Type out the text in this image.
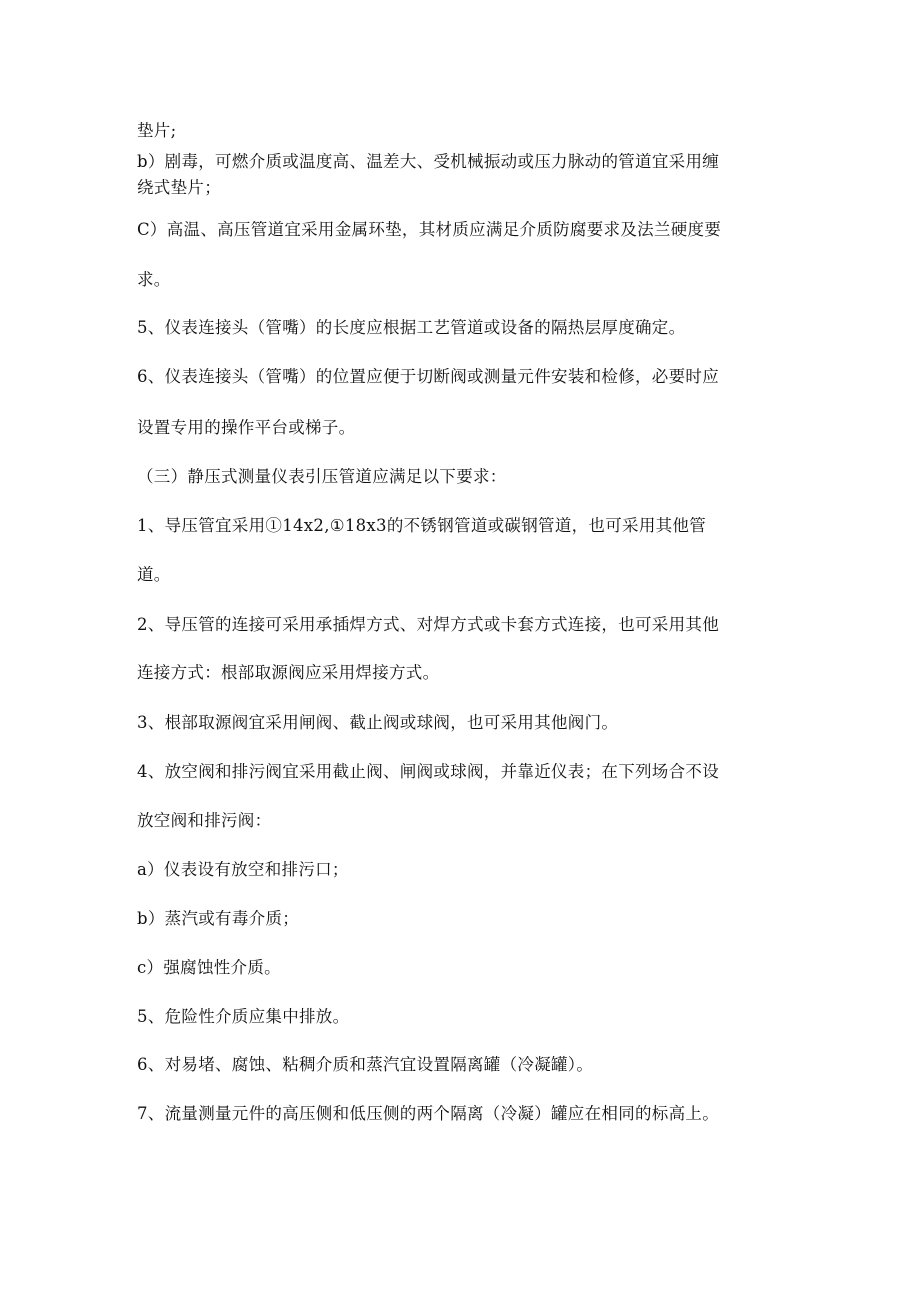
垫片;
b）剧毒，可燃介质或温度高、温差大、受机械振动或压力脉动的管道宜采用缠
绕式垫片；
C）高温、高压管道宜采用金属环垫，其材质应满足介质防腐要求及法兰硬度要
求。
5、仪表连接头（管嘴）的长度应根据工艺管道或设备的隔热层厚度确定。
6、仪表连接头（管嘴）的位置应便于切断阀或测量元件安装和检修，必要时应
设置专用的操作平台或梯子。
（三）静压式测量仪表引压管道应满足以下要求：
1、导压管宜采用①14x2,①18x3的不锈钢管道或碳钢管道，也可采用其他管
道。
2、导压管的连接可采用承插焊方式、对焊方式或卡套方式连接，也可采用其他
连接方式：根部取源阀应采用焊接方式。
3、根部取源阀宜采用闸阀、截止阀或球阀，也可采用其他阀门。
4、放空阀和排污阀宜采用截止阀、闸阀或球阀，并靠近仪表；在下列场合不设
放空阀和排污阀：
a）仪表设有放空和排污口；
b）蒸汽或有毒介质；
c）强腐蚀性介质。
5、危险性介质应集中排放。
6、对易堵、腐蚀、粘稠介质和蒸汽宜设置隔离罐（冷凝罐）。
7、流量测量元件的高压侧和低压侧的两个隔离（冷凝）罐应在相同的标高上。
